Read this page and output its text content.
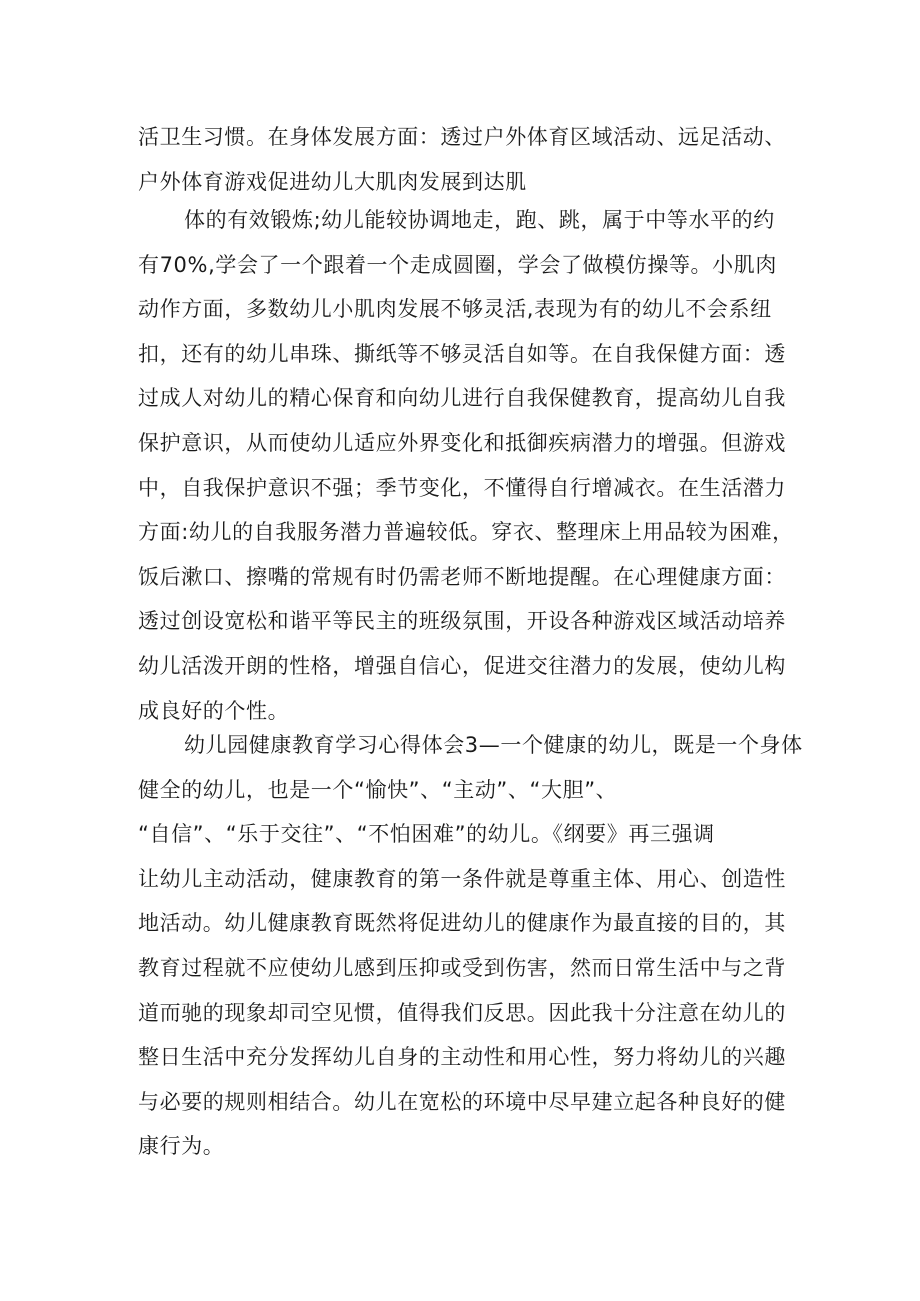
活卫生习惯。在身体发展方面：透过户外体育区域活动、远足活动、
户外体育游戏促进幼儿大肌肉发展到达肌
体的有效锻炼;幼儿能较协调地走，跑、跳，属于中等水平的约
有70%,学会了一个跟着一个走成圆圈，学会了做模仿操等。小肌肉
动作方面，多数幼儿小肌肉发展不够灵活,表现为有的幼儿不会系纽
扣，还有的幼儿串珠、撕纸等不够灵活自如等。在自我保健方面：透
过成人对幼儿的精心保育和向幼儿进行自我保健教育，提高幼儿自我
保护意识，从而使幼儿适应外界变化和抵御疾病潜力的增强。但游戏
中，自我保护意识不强；季节变化，不懂得自行增减衣。在生活潜力
方面:幼儿的自我服务潜力普遍较低。穿衣、整理床上用品较为困难，
饭后漱口、擦嘴的常规有时仍需老师不断地提醒。在心理健康方面：
透过创设宽松和谐平等民主的班级氛围，开设各种游戏区域活动培养
幼儿活泼开朗的性格，增强自信心，促进交往潜力的发展，使幼儿构
成良好的个性。
幼儿园健康教育学习心得体会3—一个健康的幼儿，既是一个身体
健全的幼儿，也是一个“愉快”、“主动”、“大胆”、
“自信”、“乐于交往”、“不怕困难”的幼儿。《纲要》再三强调
让幼儿主动活动，健康教育的第一条件就是尊重主体、用心、创造性
地活动。幼儿健康教育既然将促进幼儿的健康作为最直接的目的，其
教育过程就不应使幼儿感到压抑或受到伤害，然而日常生活中与之背
道而驰的现象却司空见惯，值得我们反思。因此我十分注意在幼儿的
整日生活中充分发挥幼儿自身的主动性和用心性，努力将幼儿的兴趣
与必要的规则相结合。幼儿在宽松的环境中尽早建立起各种良好的健
康行为。
